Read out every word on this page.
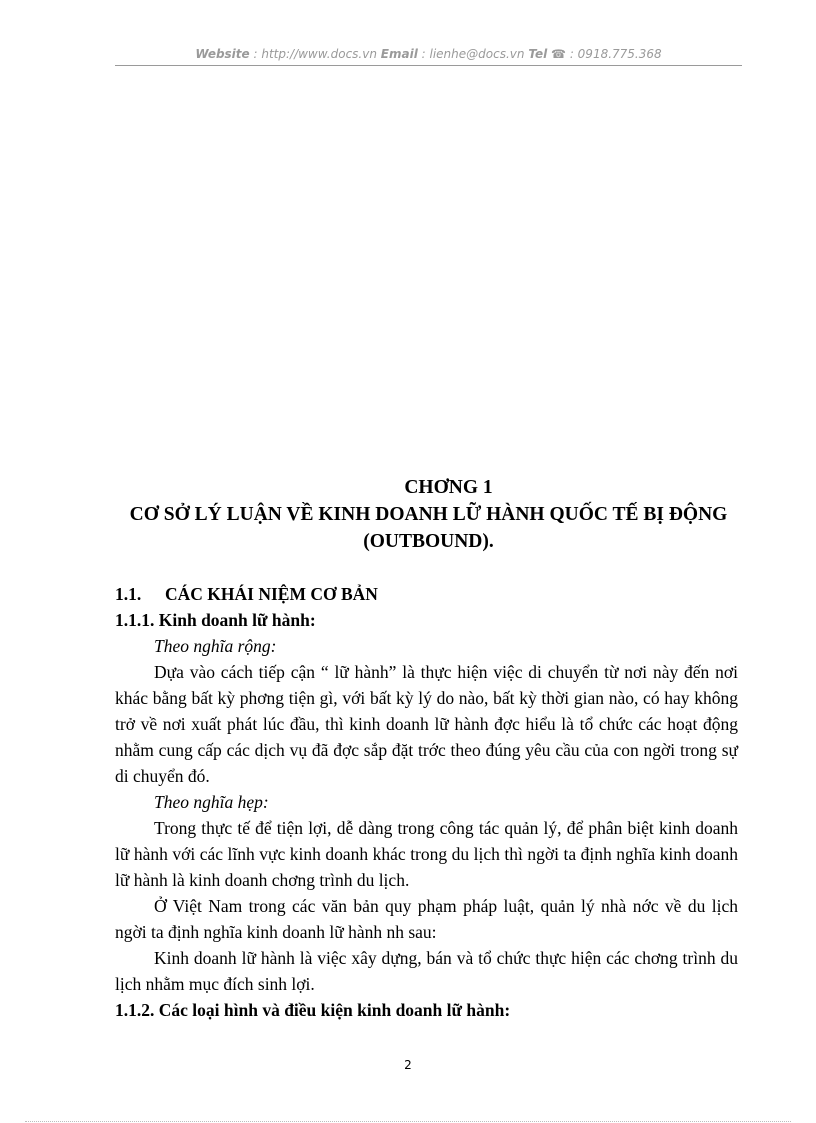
Website : http://www.docs.vn Email : lienhe@docs.vn Tel ☎ : 0918.775.368
CHƠNG 1
CƠ SỞ LÝ LUẬN VỀ KINH DOANH LỮ HÀNH QUỐC TẾ BỊ ĐỘNG (OUTBOUND).
1.1. CÁC KHÁI NIỆM CƠ BẢN
1.1.1. Kinh doanh lữ hành:
Theo nghĩa rộng:

Dựa vào cách tiếp cận “ lữ hành” là thực hiện việc di chuyển từ nơi này đến nơi khác bằng bất kỳ phơng tiện gì, với bất kỳ lý do nào, bất kỳ thời gian nào, có hay không trở về nơi xuất phát lúc đầu, thì kinh doanh lữ hành đợc hiểu là tổ chức các hoạt động nhằm cung cấp các dịch vụ đã đợc sắp đặt trớc theo đúng yêu cầu của con ngời trong sự di chuyển đó.

Theo nghĩa hẹp:

Trong thực tế để tiện lợi, dễ dàng trong công tác quản lý, để phân biệt kinh doanh lữ hành với các lĩnh vực kinh doanh khác trong du lịch thì ngời ta định nghĩa kinh doanh lữ hành là kinh doanh chơng trình du lịch.

Ở Việt Nam trong các văn bản quy phạm pháp luật, quản lý nhà nớc về du lịch ngời ta định nghĩa kinh doanh lữ hành nh sau:

Kinh doanh lữ hành là việc xây dựng, bán và tổ chức thực hiện các chơng trình du lịch nhằm mục đích sinh lợi.

1.1.2. Các loại hình và điều kiện kinh doanh lữ hành:
2
